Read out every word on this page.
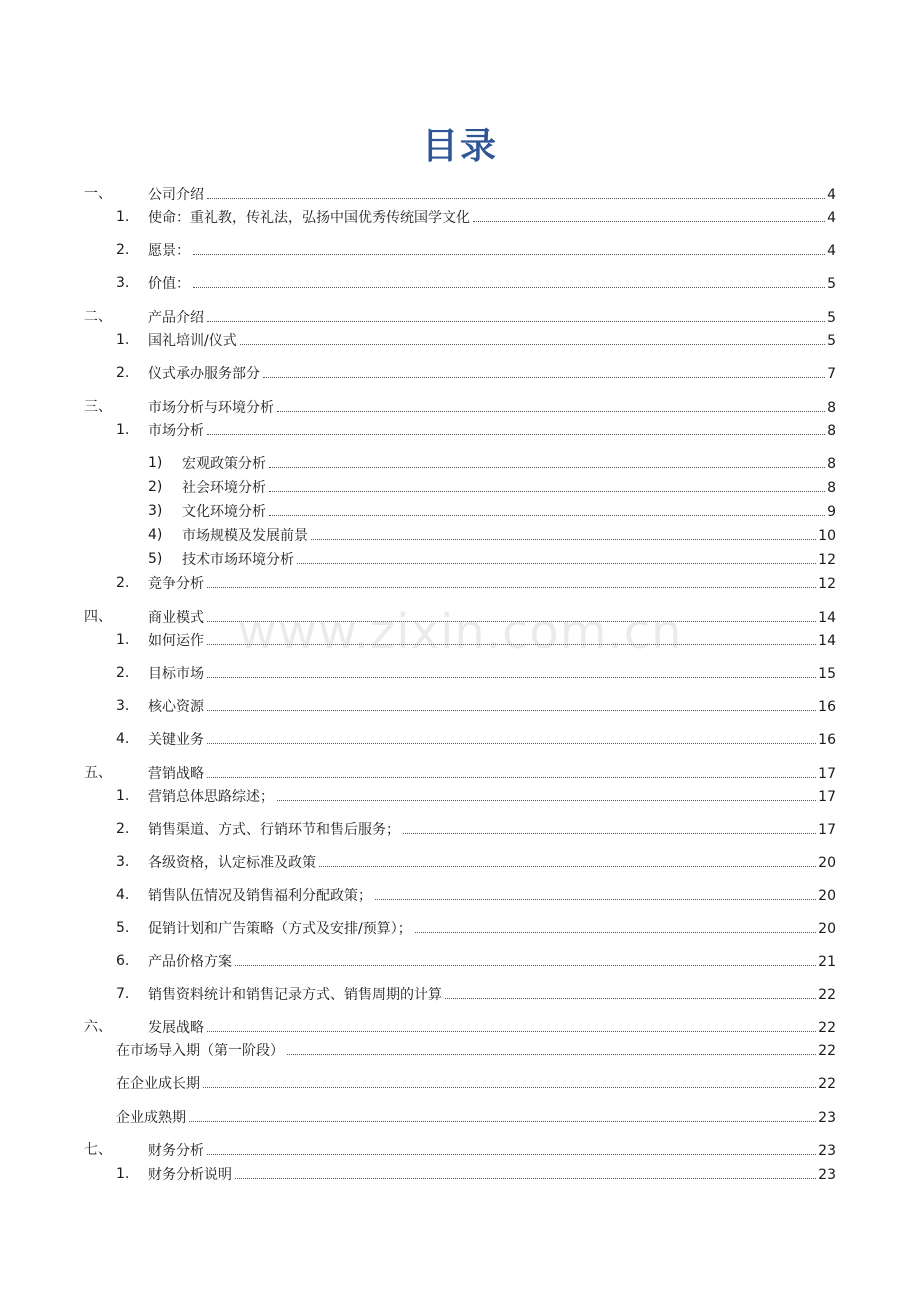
目录
www.zixin.com.cn
一、	公司介绍	4
1. 使命：重礼教，传礼法，弘扬中国优秀传统国学文化	4
2. 愿景：	4
3. 价值：	5
二、	产品介绍	5
1. 国礼培训/仪式	5
2. 仪式承办服务部分	7
三、	市场分析与环境分析	8
1. 市场分析	8
1) 宏观政策分析	8
2) 社会环境分析	8
3) 文化环境分析	9
4) 市场规模及发展前景	10
5) 技术市场环境分析	12
2. 竞争分析	12
四、	商业模式	14
1. 如何运作	14
2. 目标市场	15
3. 核心资源	16
4. 关键业务	16
五、	营销战略	17
1. 营销总体思路综述；	17
2. 销售渠道、方式、行销环节和售后服务；	17
3. 各级资格，认定标准及政策	20
4. 销售队伍情况及销售福利分配政策；	20
5. 促销计划和广告策略（方式及安排/预算）；	20
6. 产品价格方案	21
7. 销售资料统计和销售记录方式、销售周期的计算	22
六、	发展战略	22
在市场导入期（第一阶段）	22
在企业成长期	22
企业成熟期	23
七、	财务分析	23
1. 财务分析说明	23
